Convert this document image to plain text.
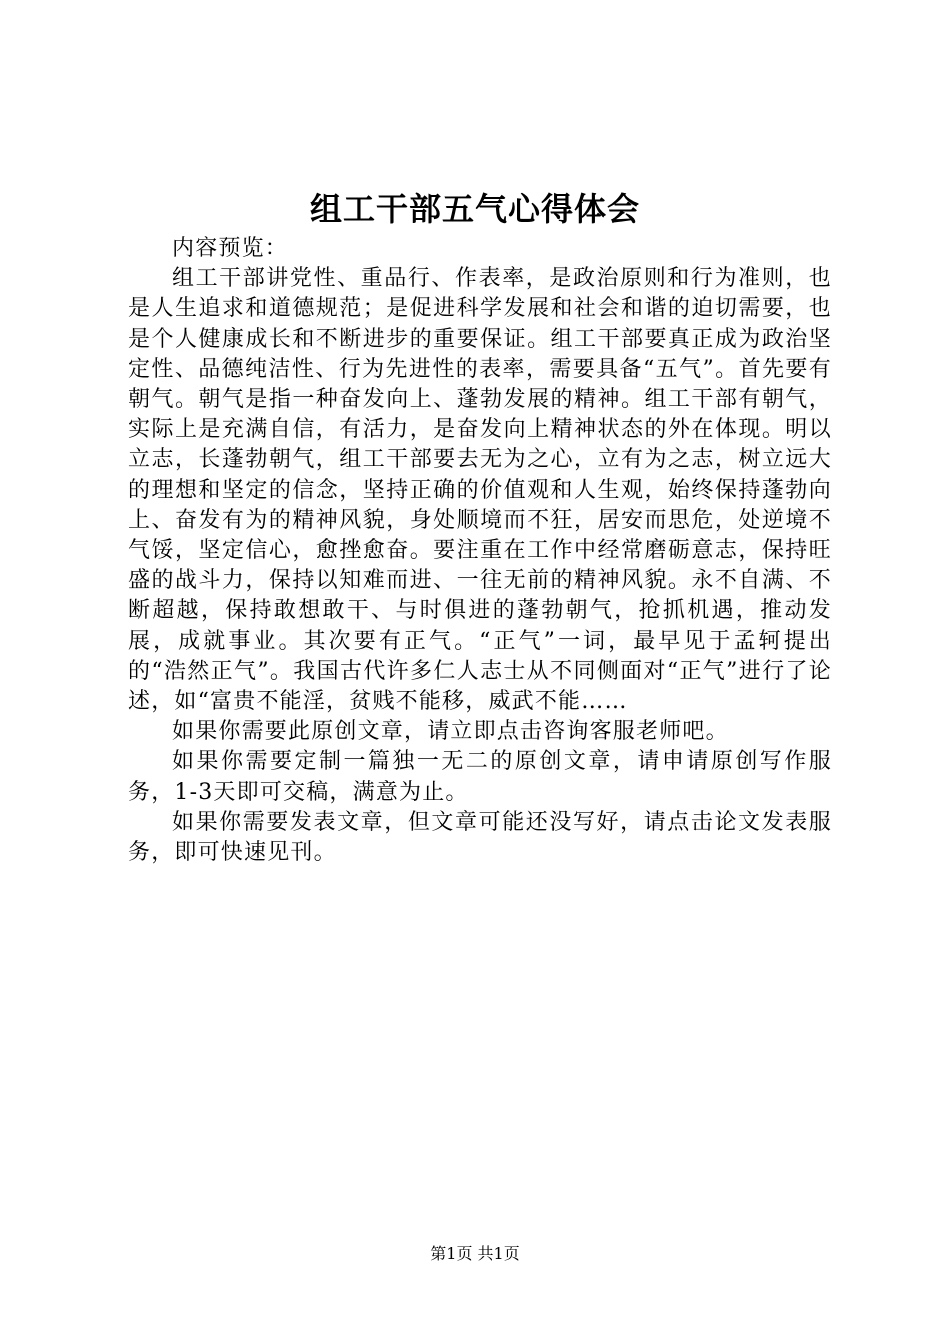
组工干部五气心得体会

内容预览：

组工干部讲党性、重品行、作表率，是政治原则和行为准则，也是人生追求和道德规范；是促进科学发展和社会和谐的迫切需要，也是个人健康成长和不断进步的重要保证。组工干部要真正成为政治坚定性、品德纯洁性、行为先进性的表率，需要具备“五气”。首先要有朝气。朝气是指一种奋发向上、蓬勃发展的精神。组工干部有朝气，实际上是充满自信，有活力，是奋发向上精神状态的外在体现。明以立志，长蓬勃朝气，组工干部要去无为之心，立有为之志，树立远大的理想和坚定的信念，坚持正确的价值观和人生观，始终保持蓬勃向上、奋发有为的精神风貌，身处顺境而不狂，居安而思危，处逆境不气馁，坚定信心，愈挫愈奋。要注重在工作中经常磨砺意志，保持旺盛的战斗力，保持以知难而进、一往无前的精神风貌。永不自满、不断超越，保持敢想敢干、与时俱进的蓬勃朝气，抢抓机遇，推动发展，成就事业。其次要有正气。“正气”一词，最早见于孟轲提出的“浩然正气”。我国古代许多仁人志士从不同侧面对“正气”进行了论述，如“富贵不能淫，贫贱不能移，威武不能……

如果你需要此原创文章，请立即点击咨询客服老师吧。

如果你需要定制一篇独一无二的原创文章，请申请原创写作服务，1-3天即可交稿，满意为止。

如果你需要发表文章，但文章可能还没写好，请点击论文发表服务，即可快速见刊。

第1页 共1页
